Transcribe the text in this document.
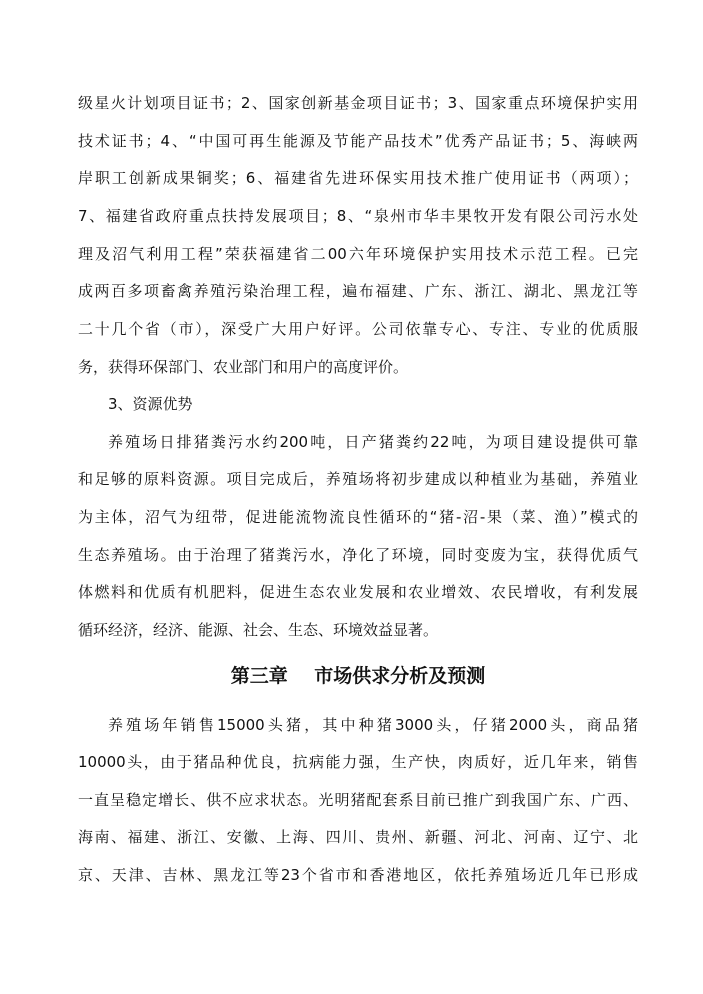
级星火计划项目证书；2、国家创新基金项目证书；3、国家重点环境保护实用
技术证书；4、“中国可再生能源及节能产品技术”优秀产品证书；5、海峡两
岸职工创新成果铜奖；6、福建省先进环保实用技术推广使用证书（两项）；
7、福建省政府重点扶持发展项目；8、“泉州市华丰果牧开发有限公司污水处
理及沼气利用工程”荣获福建省二00六年环境保护实用技术示范工程。已完
成两百多项畜禽养殖污染治理工程，遍布福建、广东、浙江、湖北、黑龙江等
二十几个省（市），深受广大用户好评。公司依靠专心、专注、专业的优质服
务，获得环保部门、农业部门和用户的高度评价。
3、资源优势
养殖场日排猪粪污水约200吨，日产猪粪约22吨，为项目建设提供可靠
和足够的原料资源。项目完成后，养殖场将初步建成以种植业为基础，养殖业
为主体，沼气为纽带，促进能流物流良性循环的“猪-沼-果（菜、渔）”模式的
生态养殖场。由于治理了猪粪污水，净化了环境，同时变废为宝，获得优质气
体燃料和优质有机肥料，促进生态农业发展和农业增效、农民增收，有利发展
循环经济，经济、能源、社会、生态、环境效益显著。
第三章    市场供求分析及预测
养殖场年销售15000头猪，其中种猪3000头，仔猪2000头，商品猪
10000头，由于猪品种优良，抗病能力强，生产快，肉质好，近几年来，销售
一直呈稳定增长、供不应求状态。光明猪配套系目前已推广到我国广东、广西、
海南、福建、浙江、安徽、上海、四川、贵州、新疆、河北、河南、辽宁、北
京、天津、吉林、黑龙江等23个省市和香港地区，依托养殖场近几年已形成
